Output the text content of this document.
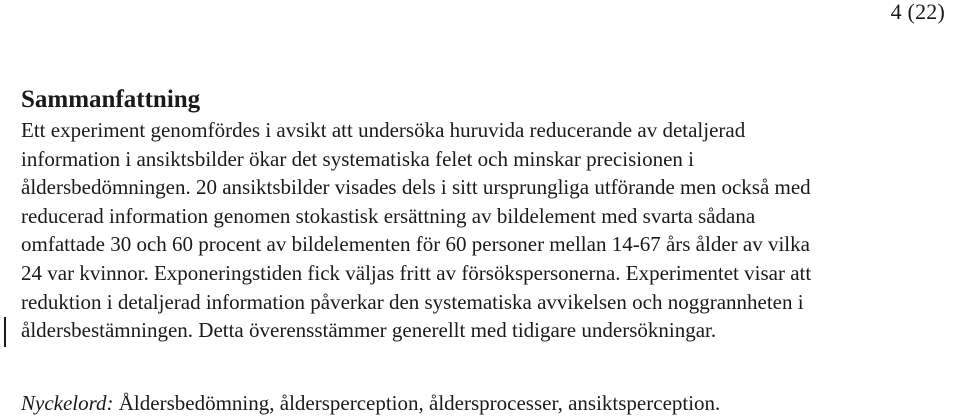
4 (22)
Sammanfattning

Ett experiment genomfördes i avsikt att undersöka huruvida reducerande av detaljerad
information i ansiktsbilder ökar det systematiska felet och minskar precisionen i
åldersbedömningen. 20 ansiktsbilder visades dels i sitt ursprungliga utförande men också med
reducerad information genomen stokastisk ersättning av bildelement med svarta sådana
omfattade 30 och 60 procent av bildelementen för 60 personer mellan 14-67 års ålder av vilka
24 var kvinnor. Exponeringstiden fick väljas fritt av försökspersonerna. Experimentet visar att
reduktion i detaljerad information påverkar den systematiska avvikelsen och noggrannheten i
åldersbestämningen. Detta överensstämmer generellt med tidigare undersökningar.

Nyckelord: Åldersbedömning, åldersperception, åldersprocesser, ansiktsperception.
